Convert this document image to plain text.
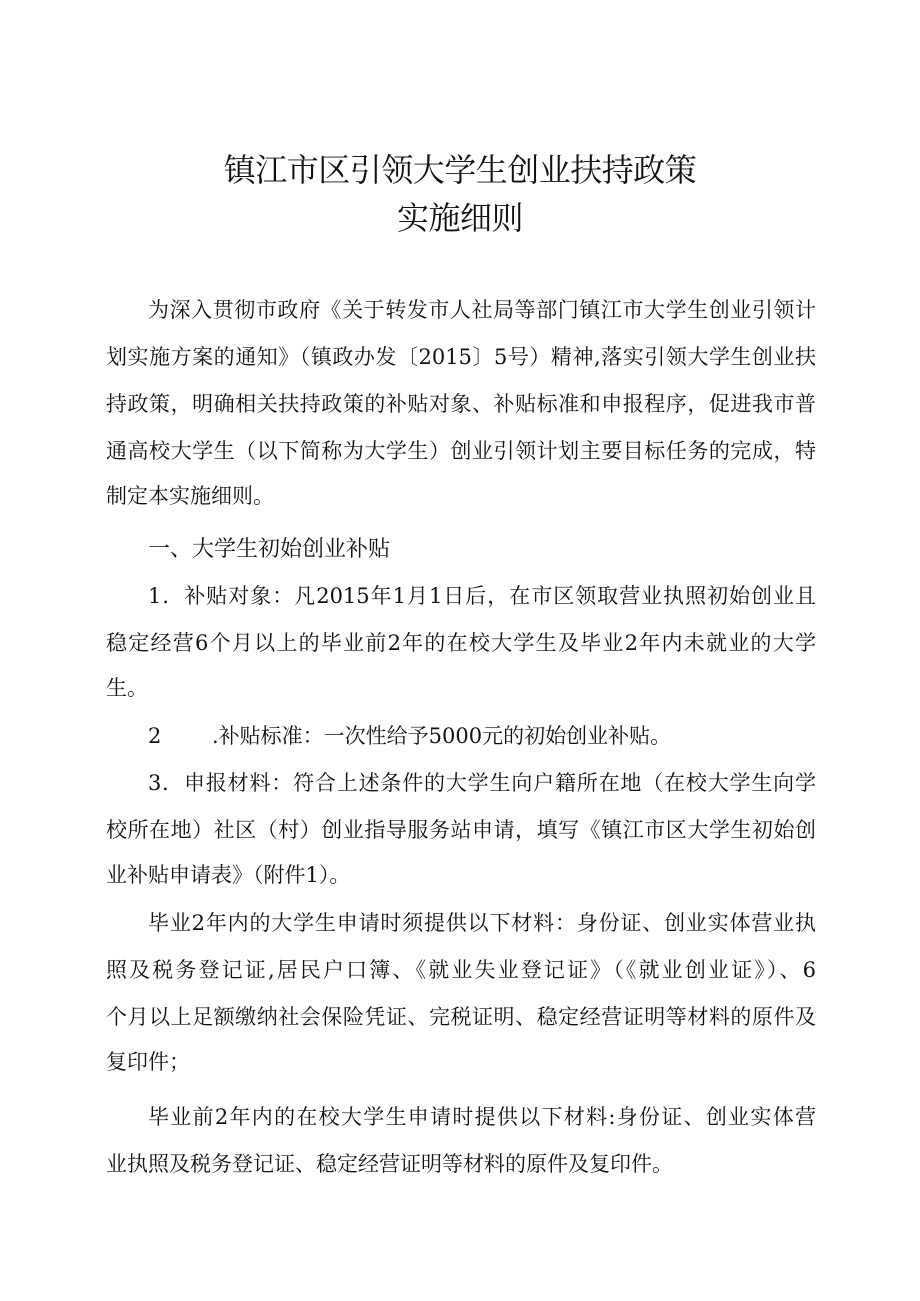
镇江市区引领大学生创业扶持政策
实施细则
为深入贯彻市政府《关于转发市人社局等部门镇江市大学生创业引领计
划实施方案的通知》（镇政办发〔2015〕5号）精神,落实引领大学生创业扶
持政策，明确相关扶持政策的补贴对象、补贴标准和申报程序，促进我市普
通高校大学生（以下简称为大学生）创业引领计划主要目标任务的完成，特
制定本实施细则。
一、大学生初始创业补贴
1．补贴对象：凡2015年1月1日后，在市区领取营业执照初始创业且
稳定经营6个月以上的毕业前2年的在校大学生及毕业2年内未就业的大学
生。
2 .补贴标准：一次性给予5000元的初始创业补贴。
3．申报材料：符合上述条件的大学生向户籍所在地（在校大学生向学
校所在地）社区（村）创业指导服务站申请，填写《镇江市区大学生初始创
业补贴申请表》（附件1）。
毕业2年内的大学生申请时须提供以下材料：身份证、创业实体营业执
照及税务登记证,居民户口簿、《就业失业登记证》（《就业创业证》）、6
个月以上足额缴纳社会保险凭证、完税证明、稳定经营证明等材料的原件及
复印件；
毕业前2年内的在校大学生申请时提供以下材料:身份证、创业实体营
业执照及税务登记证、稳定经营证明等材料的原件及复印件。
